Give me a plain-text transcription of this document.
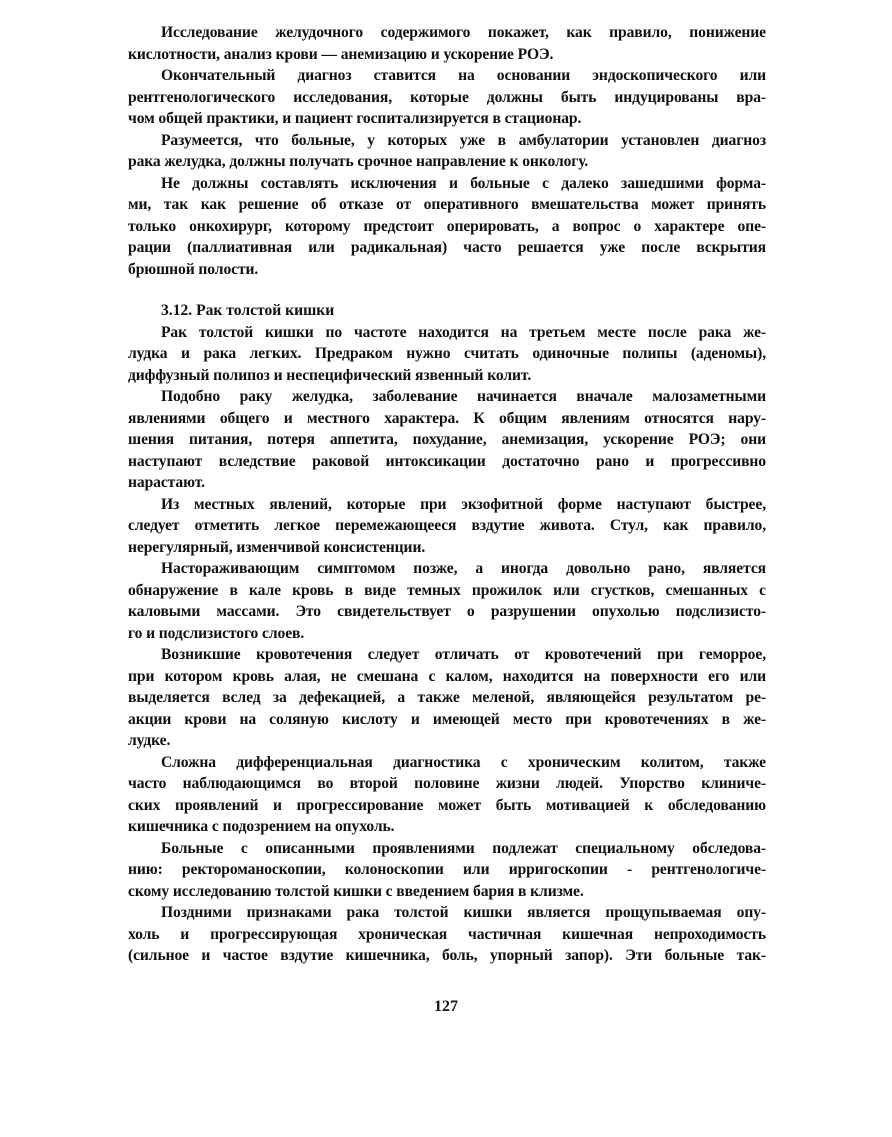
Исследование желудочного содержимого покажет, как правило, понижение
кислотности, анализ крови — анемизацию и ускорение РОЭ.
Окончательный диагноз ставится на основании эндоскопического или
рентгенологического исследования, которые должны быть индуцированы вра-
чом общей практики, и пациент госпитализируется в стационар.
Разумеется, что больные, у которых уже в амбулатории установлен диагноз
рака желудка, должны получать срочное направление к онкологу.
Не должны составлять исключения и больные с далеко зашедшими форма-
ми, так как решение об отказе от оперативного вмешательства может принять
только онкохирург, которому предстоит оперировать, а вопрос о характере опе-
рации (паллиативная или радикальная) часто решается уже после вскрытия
брюшной полости.
3.12. Рак толстой кишки
Рак толстой кишки по частоте находится на третьем месте после рака же-
лудка и рака легких. Предраком нужно считать одиночные полипы (аденомы),
диффузный полипоз и неспецифический язвенный колит.
Подобно раку желудка, заболевание начинается вначале малозаметными
явлениями общего и местного характера. К общим явлениям относятся нару-
шения питания, потеря аппетита, похудание, анемизация, ускорение РОЭ; они
наступают вследствие раковой интоксикации достаточно рано и прогрессивно
нарастают.
Из местных явлений, которые при экзофитной форме наступают быстрее,
следует отметить легкое перемежающееся вздутие живота. Стул, как правило,
нерегулярный, изменчивой консистенции.
Настораживающим симптомом позже, а иногда довольно рано, является
обнаружение в кале кровь в виде темных прожилок или сгустков, смешанных с
каловыми массами. Это свидетельствует о разрушении опухолью подслизисто-
го и подслизистого слоев.
Возникшие кровотечения следует отличать от кровотечений при геморрое,
при котором кровь алая, не смешана с калом, находится на поверхности его или
выделяется вслед за дефекацией, а также меленой, являющейся результатом ре-
акции крови на соляную кислоту и имеющей место при кровотечениях в же-
лудке.
Сложна дифференциальная диагностика с хроническим колитом, также
часто наблюдающимся во второй половине жизни людей. Упорство клиниче-
ских проявлений и прогрессирование может быть мотивацией к обследованию
кишечника с подозрением на опухоль.
Больные с описанными проявлениями подлежат специальному обследова-
нию: ректороманоскопии, колоноскопии или ирригоскопии - рентгенологиче-
скому исследованию толстой кишки с введением бария в клизме.
Поздними признаками рака толстой кишки является прощупываемая опу-
холь и прогрессирующая хроническая частичная кишечная непроходимость
(сильное и частое вздутие кишечника, боль, упорный запор). Эти больные так-
127
